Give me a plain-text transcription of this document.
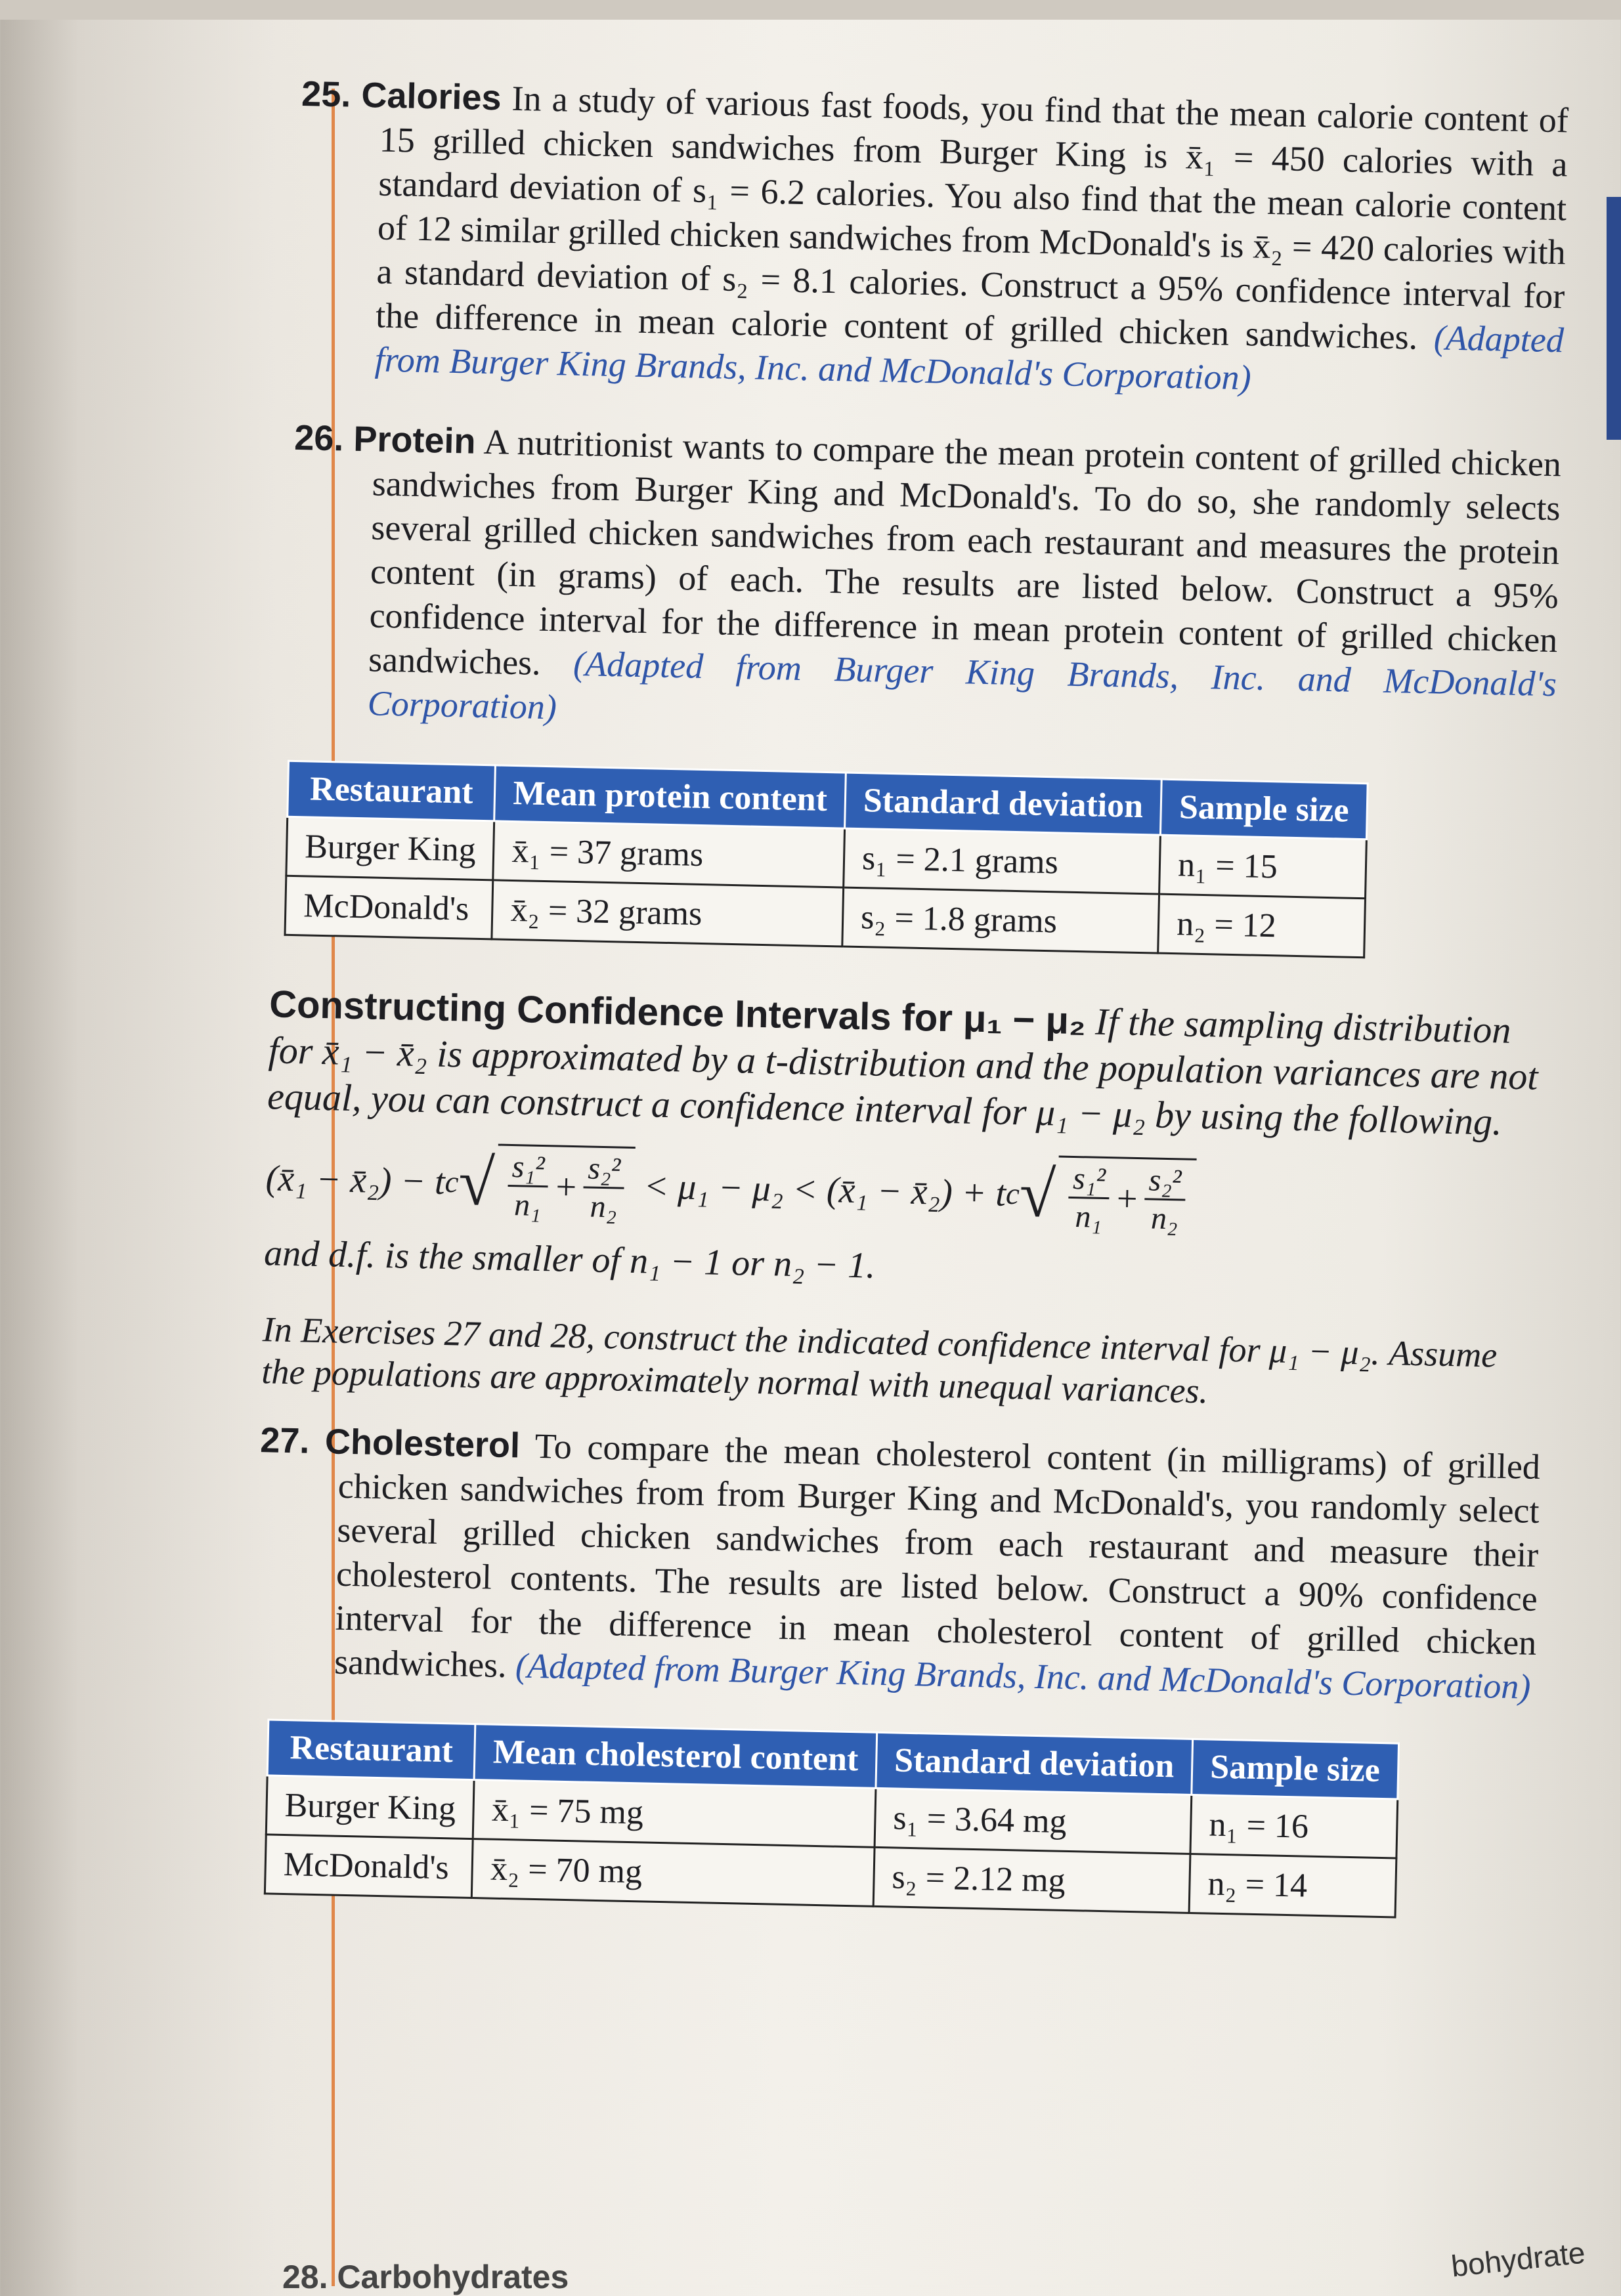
25. Calories In a study of various fast foods, you find that the mean calorie content of 15 grilled chicken sandwiches from Burger King is x̄₁ = 450 calories with a standard deviation of s₁ = 6.2 calories. You also find that the mean calorie content of 12 similar grilled chicken sandwiches from McDonald's is x̄₂ = 420 calories with a standard deviation of s₂ = 8.1 calories. Construct a 95% confidence interval for the difference in mean calorie content of grilled chicken sandwiches. (Adapted from Burger King Brands, Inc. and McDonald's Corporation)

26. Protein A nutritionist wants to compare the mean protein content of grilled chicken sandwiches from Burger King and McDonald's. To do so, she randomly selects several grilled chicken sandwiches from each restaurant and measures the protein content (in grams) of each. The results are listed below. Construct a 95% confidence interval for the difference in mean protein content of grilled chicken sandwiches. (Adapted from Burger King Brands, Inc. and McDonald's Corporation)

Restaurant	Mean protein content	Standard deviation	Sample size
Burger King	x̄₁ = 37 grams	s₁ = 2.1 grams	n₁ = 15
McDonald's	x̄₂ = 32 grams	s₂ = 1.8 grams	n₂ = 12

Constructing Confidence Intervals for μ₁ − μ₂ If the sampling distribution for x̄₁ − x̄₂ is approximated by a t-distribution and the population variances are not equal, you can construct a confidence interval for μ₁ − μ₂ by using the following.

(x̄₁ − x̄₂) − t
c
√ $\frac{\text{s₁²}}{\text{n₁}} + \frac{\text{s₂²}}{\text{n₂}} < \mu_1 - \mu_2$ < (x̄₁ − x̄₂) + t
c
√ $\frac{\text{s₁²}}{\text{n₁}} + \frac{\text{s₂²}}{\text{n₂}}$

and d.f. is the smaller of n₁ − 1 or n₂ − 1.

In Exercises 27 and 28, construct the indicated confidence interval for μ₁ − μ₂. Assume the populations are approximately normal with unequal variances.

27. Cholesterol To compare the mean cholesterol content (in milligrams) of grilled chicken sandwiches from from Burger King and McDonald's, you randomly select several grilled chicken sandwiches from each restaurant and measure their cholesterol contents. The results are listed below. Construct a 90% confidence interval for the difference in mean cholesterol content of grilled chicken sandwiches. (Adapted from Burger King Brands, Inc. and McDonald's Corporation)

Restaurant	Mean cholesterol content	Standard deviation	Sample size
Burger King	x̄₁ = 75 mg	s₁ = 3.64 mg	n₁ = 16
McDonald's	x̄₂ = 70 mg	s₂ = 2.12 mg	n₂ = 14
28. Carbohydrates	bohydrate
